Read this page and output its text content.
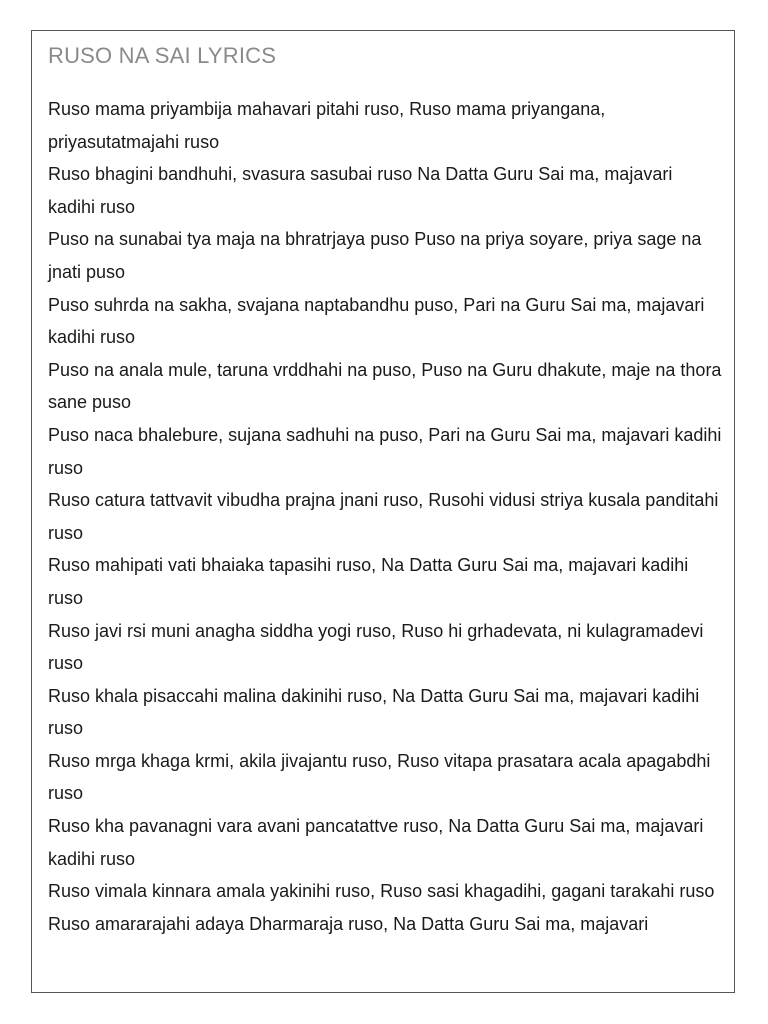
RUSO NA SAI LYRICS

Ruso mama priyambija mahavari pitahi ruso, Ruso mama priyangana, priyasutatmajahi ruso

Ruso bhagini bandhuhi, svasura sasubai ruso Na Datta Guru Sai ma, majavari kadihi ruso

Puso na sunabai tya maja na bhratrjaya puso Puso na priya soyare, priya sage na jnati puso

Puso suhrda na sakha, svajana naptabandhu puso, Pari na Guru Sai ma, majavari kadihi ruso

Puso na anala mule, taruna vrddhahi na puso, Puso na Guru dhakute, maje na thora sane puso

Puso naca bhalebure, sujana sadhuhi na puso, Pari na Guru Sai ma, majavari kadihi ruso

Ruso catura tattvavit vibudha prajna jnani ruso, Rusohi vidusi striya kusala panditahi ruso

Ruso mahipati vati bhaiaka tapasihi ruso, Na Datta Guru Sai ma, majavari kadihi ruso

Ruso javi rsi muni anagha siddha yogi ruso, Ruso hi grhadevata, ni kulagramadevi ruso

Ruso khala pisaccahi malina dakinihi ruso, Na Datta Guru Sai ma, majavari kadihi ruso

Ruso mrga khaga krmi, akila jivajantu ruso, Ruso vitapa prasatara acala apagabdhi ruso

Ruso kha pavanagni vara avani pancatattve ruso, Na Datta Guru Sai ma, majavari kadihi ruso

Ruso vimala kinnara amala yakinihi ruso, Ruso sasi khagadihi, gagani tarakahi ruso

Ruso amararajahi adaya Dharmaraja ruso, Na Datta Guru Sai ma, majavari
